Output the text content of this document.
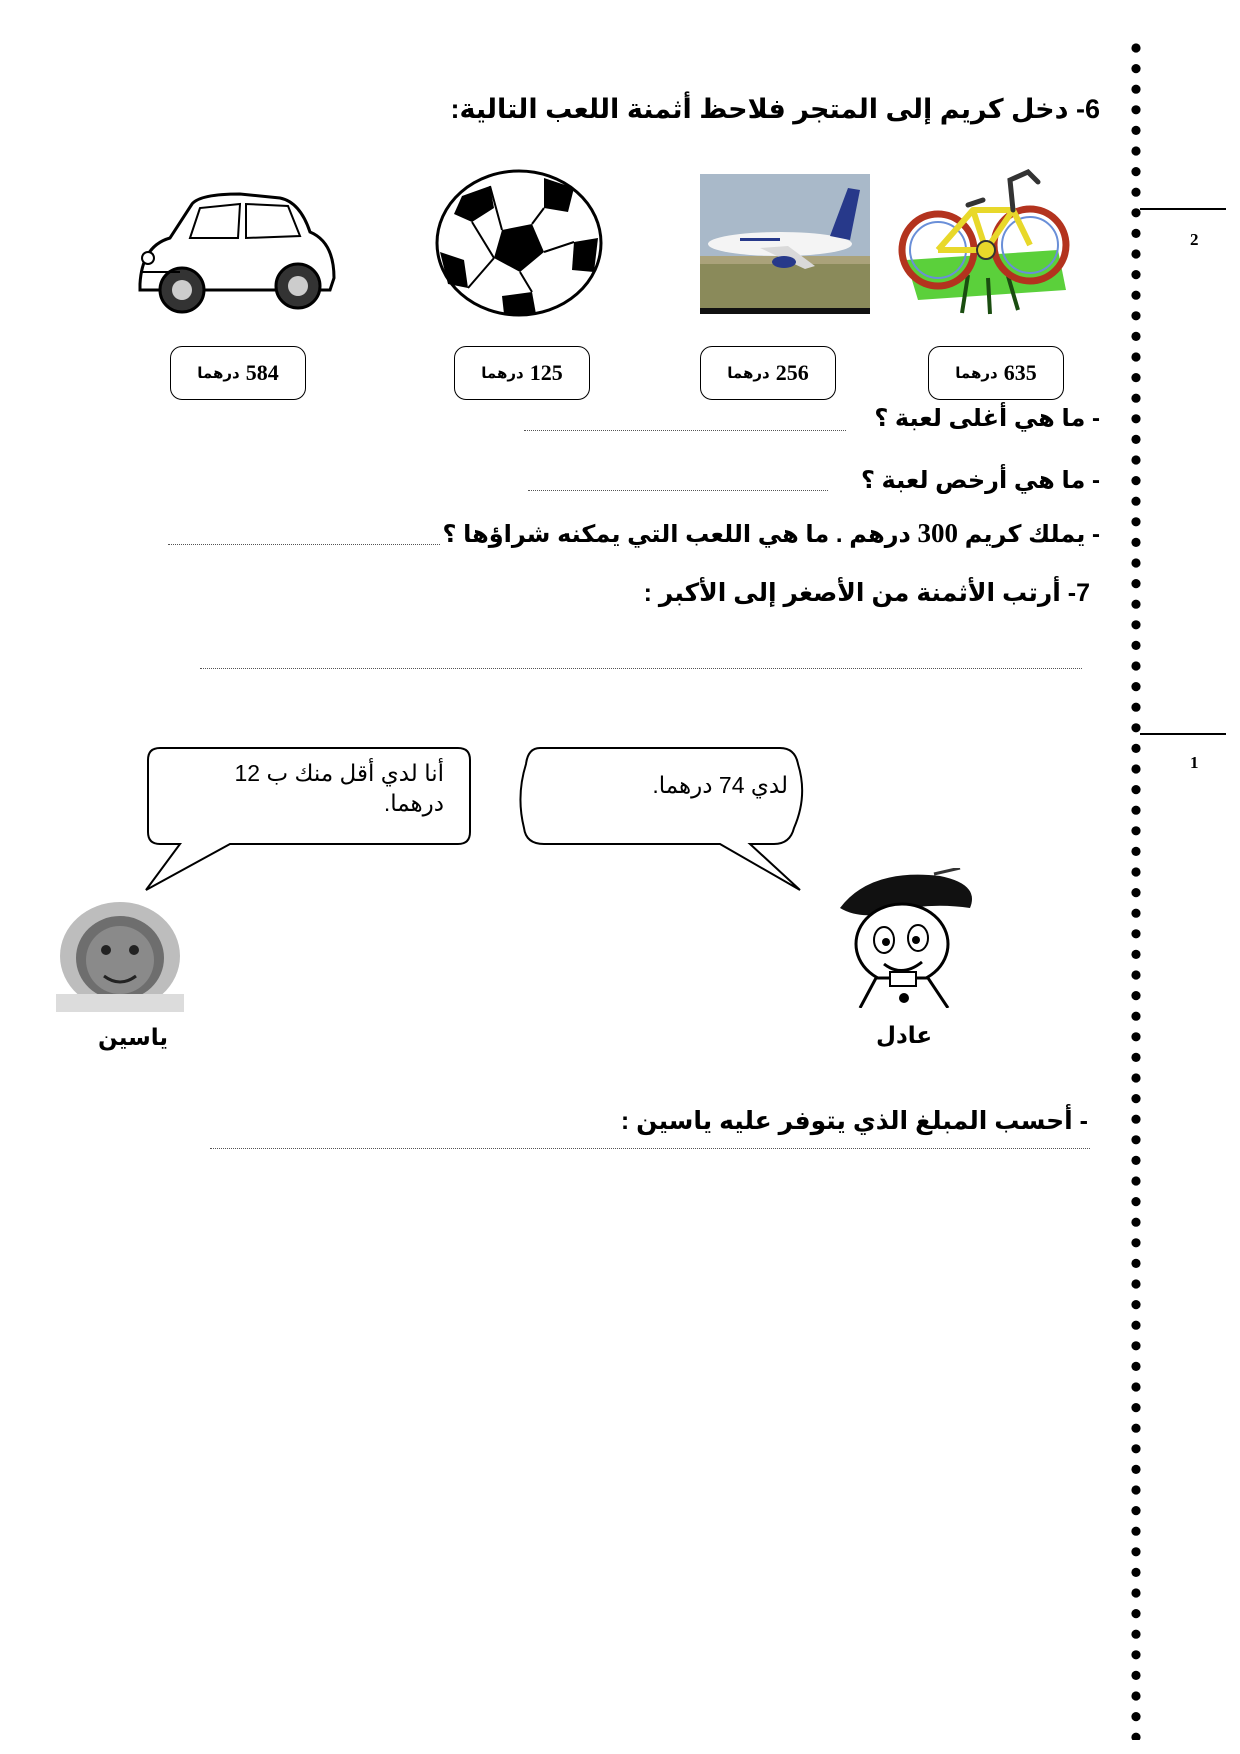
2
1
6- دخل كريم إلى المتجر فلاحظ أثمنة اللعب التالية:
635
درهما
256
درهما
125
درهما
584
درهما
- ما هي أغلى لعبة ؟
- ما هي أرخص لعبة ؟
- يملك كريم 300 درهم . ما هي اللعب التي يمكنه شراؤها ؟
7- أرتب الأثمنة من الأصغر إلى الأكبر :
أنا لدي أقل منك ب 12 درهما.
لدي 74 درهما.
ياسين	عادل
- أحسب المبلغ الذي يتوفر عليه ياسين :
